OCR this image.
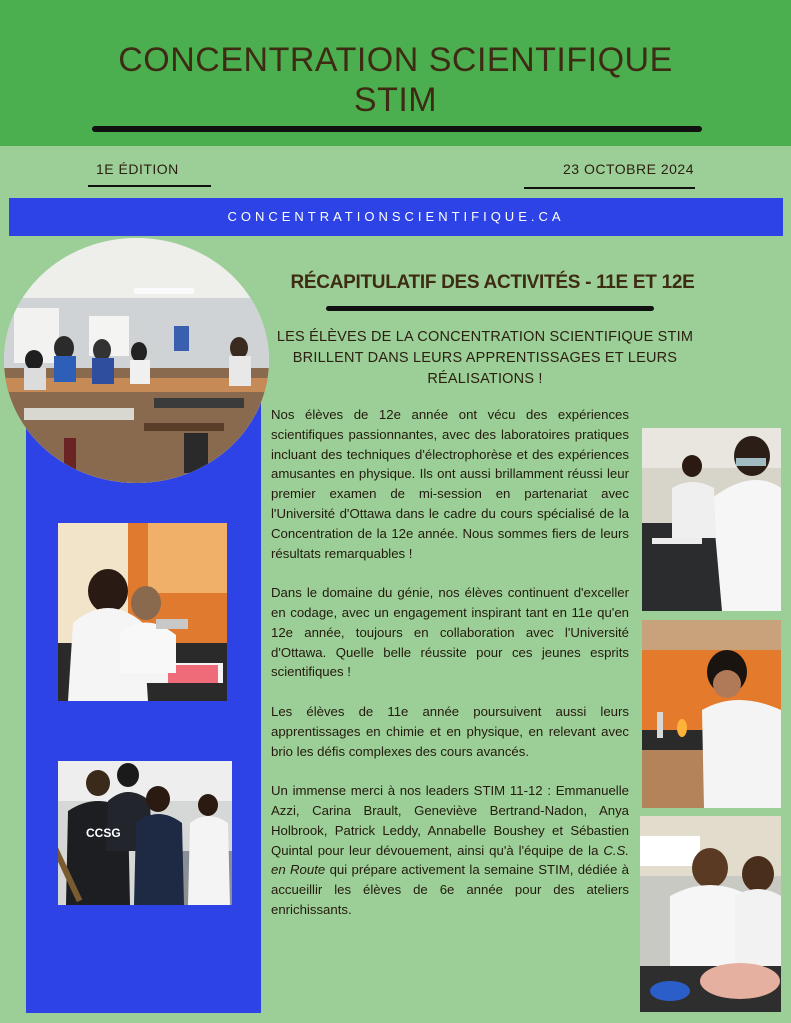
CONCENTRATION SCIENTIFIQUE
STIM
1E ÉDITION	23 OCTOBRE 2024
CONCENTRATIONSCIENTIFIQUE.CA
CCSG
RÉCAPITULATIF DES ACTIVITÉS - 11E ET 12E
LES ÉLÈVES DE LA CONCENTRATION SCIENTIFIQUE STIM BRILLENT DANS LEURS APPRENTISSAGES ET LEURS RÉALISATIONS !

Nos élèves de 12e année ont vécu des expériences scientifiques passionnantes, avec des laboratoires pratiques incluant des techniques d'électrophorèse et des expériences amusantes en physique. Ils ont aussi brillamment réussi leur premier examen de mi-session en partenariat avec l'Université d'Ottawa dans le cadre du cours spécialisé de la Concentration de la 12e année. Nous sommes fiers de leurs résultats remarquables !

Dans le domaine du génie, nos élèves continuent d'exceller en codage, avec un engagement inspirant tant en 11e qu'en 12e année, toujours en collaboration avec l'Université d'Ottawa. Quelle belle réussite pour ces jeunes esprits scientifiques !

Les élèves de 11e année poursuivent aussi leurs apprentissages en chimie et en physique, en relevant avec brio les défis complexes des cours avancés.

Un immense merci à nos leaders STIM 11-12 : Emmanuelle Azzi, Carina Brault, Geneviève Bertrand-Nadon, Anya Holbrook, Patrick Leddy, Annabelle Boushey et Sébastien Quintal pour leur dévouement, ainsi qu'à l'équipe de la C.S. en Route qui prépare activement la semaine STIM, dédiée à accueillir les élèves de 6e année pour des ateliers enrichissants.
